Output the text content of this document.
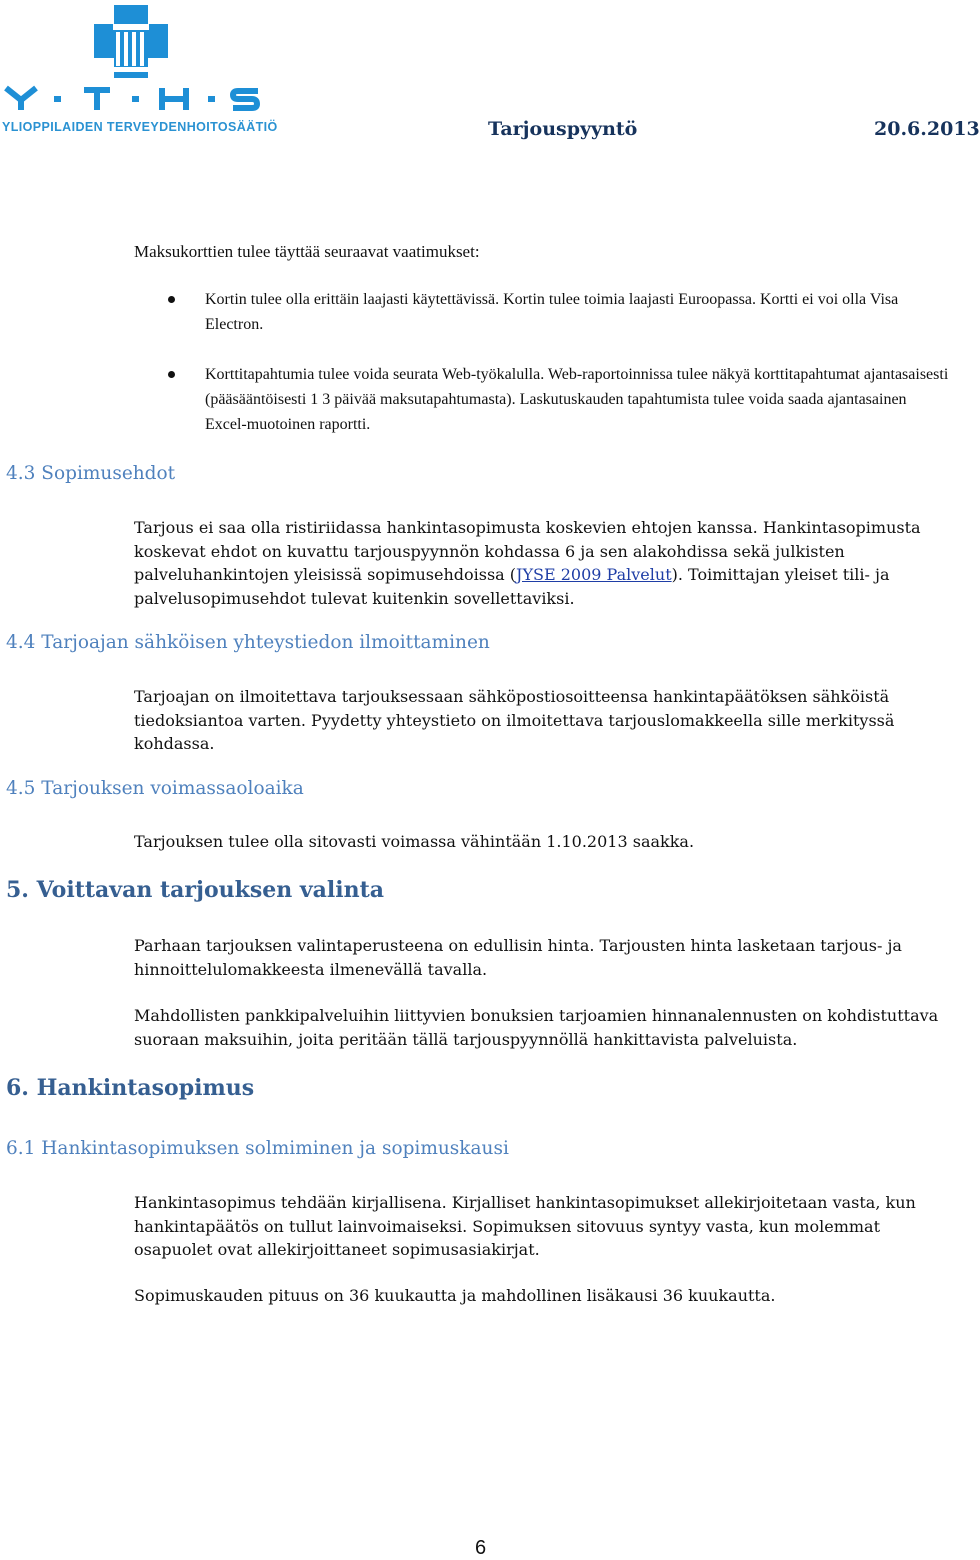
YLIOPPILAIDEN TERVEYDENHOITOSÄÄTIÖ	Tarjouspyyntö	20.6.2013

Maksukorttien tulee täyttää seuraavat vaatimukset:

Kortin tulee olla erittäin laajasti käytettävissä. Kortin tulee toimia laajasti Euroopassa. Kortti ei voi olla Visa Electron.
Korttitapahtumia tulee voida seurata Web-työkalulla. Web-raportoinnissa tulee näkyä korttitapahtumat ajantasaisesti (pääsääntöisesti 1 3 päivää maksutapahtumasta). Laskutuskauden tapahtumista tulee voida saada ajantasainen Excel-muotoinen raportti.
4.3 Sopimusehdot

Tarjous ei saa olla ristiriidassa hankintasopimusta koskevien ehtojen kanssa. Hankintasopimusta koskevat ehdot on kuvattu tarjouspyynnön kohdassa 6 ja sen alakohdissa sekä julkisten palveluhankintojen yleisissä sopimusehdoissa (JYSE 2009 Palvelut). Toimittajan yleiset tili- ja palvelusopimusehdot tulevat kuitenkin sovellettaviksi.

4.4 Tarjoajan sähköisen yhteystiedon ilmoittaminen

Tarjoajan on ilmoitettava tarjouksessaan sähköpostiosoitteensa hankintapäätöksen sähköistä tiedoksiantoa varten. Pyydetty yhteystieto on ilmoitettava tarjouslomakkeella sille merkityssä kohdassa.

4.5 Tarjouksen voimassaoloaika

Tarjouksen tulee olla sitovasti voimassa vähintään 1.10.2013 saakka.

5. Voittavan tarjouksen valinta

Parhaan tarjouksen valintaperusteena on edullisin hinta. Tarjousten hinta lasketaan tarjous- ja hinnoittelulomakkeesta ilmenevällä tavalla.

Mahdollisten pankkipalveluihin liittyvien bonuksien tarjoamien hinnanalennusten on kohdistuttava suoraan maksuihin, joita peritään tällä tarjouspyynnöllä hankittavista palveluista.

6. Hankintasopimus
6.1 Hankintasopimuksen solmiminen ja sopimuskausi

Hankintasopimus tehdään kirjallisena. Kirjalliset hankintasopimukset allekirjoitetaan vasta, kun hankintapäätös on tullut lainvoimaiseksi. Sopimuksen sitovuus syntyy vasta, kun molemmat osapuolet ovat allekirjoittaneet sopimusasiakirjat.

Sopimuskauden pituus on 36 kuukautta ja mahdollinen lisäkausi 36 kuukautta.

6
